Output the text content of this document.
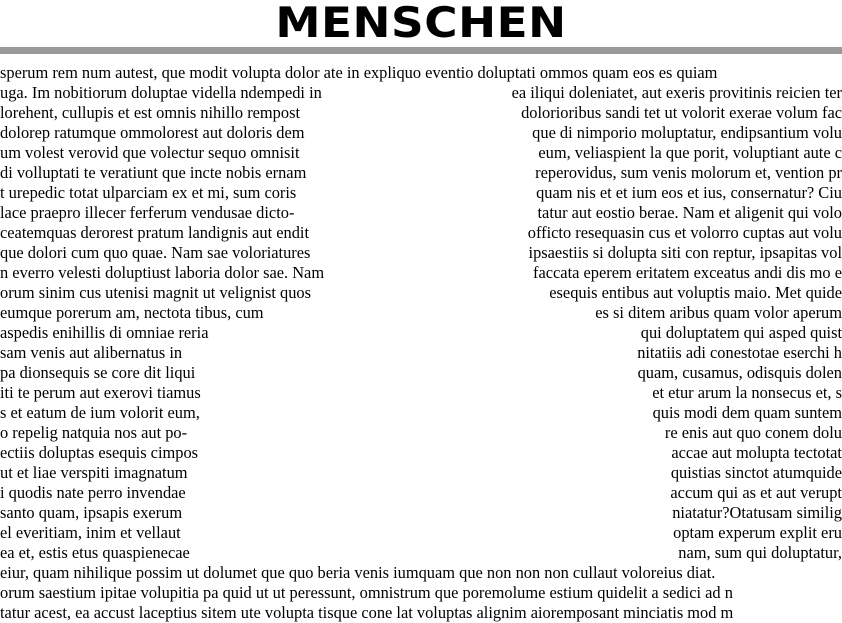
MENSCHEN
sperum rem num autest, que modit volupta dolor ate in expliquo eventio doluptati ommos quam eos es quiam
uga. Im nobitiorum doluptae vidella ndempedi in	ea iliqui doleniatet, aut exeris provitinis reicien ter
lorehent, cullupis et est omnis nihillo rempost	dolorioribus sandi tet ut volorit exerae volum fac
dolorep ratumque ommolorest aut doloris dem	que di nimporio moluptatur, endipsantium volu
um volest verovid que volectur sequo omnisit	eum, veliaspient la que porit, voluptiant aute c
di volluptati te veratiunt que incte nobis ernam	reperovidus, sum venis molorum et, vention pr
t urepedic totat ulparciam ex et mi, sum coris	quam nis et et ium eos et ius, consernatur? Ciu
lace praepro illecer ferferum vendusae dicto-	tatur aut eostio berae. Nam et aligenit qui volo
ceatemquas derorest pratum landignis aut endit	officto resequasin cus et volorro cuptas aut volu
que dolori cum quo quae. Nam sae voloriatures	ipsaestiis si dolupta siti con reptur, ipsapitas vol
n everro velesti doluptiust laboria dolor sae. Nam	faccata eperem eritatem exceatus andi dis mo e
orum sinim cus utenisi magnit ut velignist quos	esequis entibus aut voluptis maio. Met quide
eumque porerum am, nectota tibus, cum	es si ditem aribus quam volor aperum
aspedis enihillis di omniae reria	qui doluptatem qui asped quist
sam venis aut alibernatus in	nitatiis adi conestotae eserchi h
pa dionsequis se core dit liqui	quam, cusamus, odisquis dolen
iti te perum aut exerovi tiamus	et etur arum la nonsecus et, s
s et eatum de ium volorit eum,	quis modi dem quam suntem
o repelig natquia nos aut po-	re enis aut quo conem dolu
ectiis doluptas esequis cimpos	accae aut molupta tectotat
ut et liae verspiti imagnatum	quistias sinctot atumquide
i quodis nate perro invendae	accum qui as et aut verupt
santo quam, ipsapis exerum	niatatur?Otatusam similig
el everitiam, inim et vellaut	optam experum explit eru
ea et, estis etus quaspienecae	nam, sum qui doluptatur,
eiur, quam nihilique possim ut dolumet que quo beria venis iumquam que non non non cullaut voloreius diat.
orum saestium ipitae volupitia pa quid ut ut peressunt, omnistrum que poremolume estium quidelit a sedici ad n
tatur acest, ea accust laceptius sitem ute volupta tisque cone lat voluptas alignim aioremposant minciatis mod m
